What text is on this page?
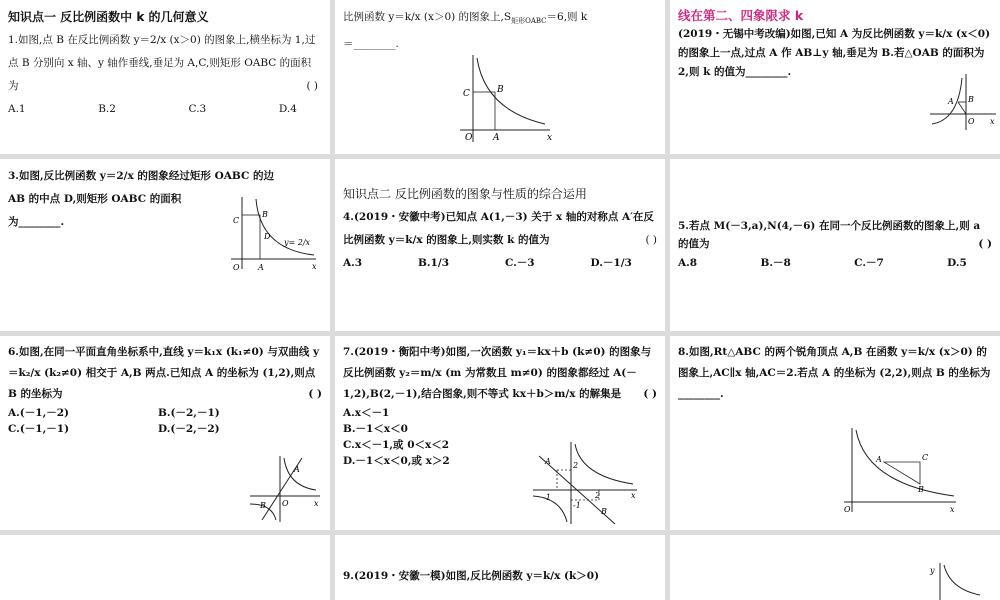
知识点一 反比例函数中 k 的几何意义
1.如图,点 B 在反比例函数 y＝2/x (x＞0) 的图象上,横坐标为 1,过点 B 分别向 x 轴、y 轴作垂线,垂足为 A,C,则矩形 OABC 的面积为	( )
A.1	B.2	C.3	D.4
比例函数 y＝k/x (x＞0) 的图象上$,S_{矩形OABC}=6$,则 k
＝________.
O A
C	B
x
线在第二、四象限求 k
(2019・无锡中考改编)如图,已知 A 为反比例函数 y＝k/x (x＜0) 的图象上一点,过点 A 作 AB⊥y 轴,垂足为 B.若△OAB 的面积为 2,则 k 的值为________.
A B
O x
3.如图,反比例函数 y＝2/x 的图象经过矩形 OABC 的边
AB 的中点 D,则矩形 OABC 的面积
为________.
O A
C
B
D
y= 2/x
x
知识点二 反比例函数的图象与性质的综合运用
4.(2019・安徽中考)已知点 A(1,－3) 关于 x 轴的对称点 A′在反比例函数 y＝k/x 的图象上,则实数 k 的值为	( )
A.3	B.1/3	C.－3	D.－1/3
5.若点 M(－3,a),N(4,－6) 在同一个反比例函数的图象上,则 a 的值为	( )
A.8	B.－8	C.－7	D.5
6.如图,在同一平面直角坐标系中,直线 y＝k₁x (k₁≠0) 与双曲线 y＝k₂/x (k₂≠0) 相交于 A,B 两点.已知点 A 的坐标为 (1,2),则点 B 的坐标为	( )
A.(－1,－2)	B.(－2,－1)
C.(－1,－1)	D.(－2,－2)
A
B O	x
7.(2019・衡阳中考)如图,一次函数 y₁＝kx＋b (k≠0) 的图象与反比例函数 y₂＝m/x (m 为常数且 m≠0) 的图象都经过 A(－1,2),B(2,－1),结合图象,则不等式 kx＋b＞m/x 的解集是 ( )
A.x＜－1
B.－1＜x＜0
C.x＜－1,或 0＜x＜2
D.－1＜x＜0,或 x＞2	A	2
-1
-1
2
B
x
8.如图,Rt△ABC 的两个锐角顶点 A,B 在函数 y＝k/x (x＞0) 的图象上,AC∥x 轴,AC＝2.若点 A 的坐标为 (2,2),则点 B 的坐标为________.
A	C
B
O	x
9.(2019・安徽一模)如图,反比例函数 y＝k/x (k＞0)	y
